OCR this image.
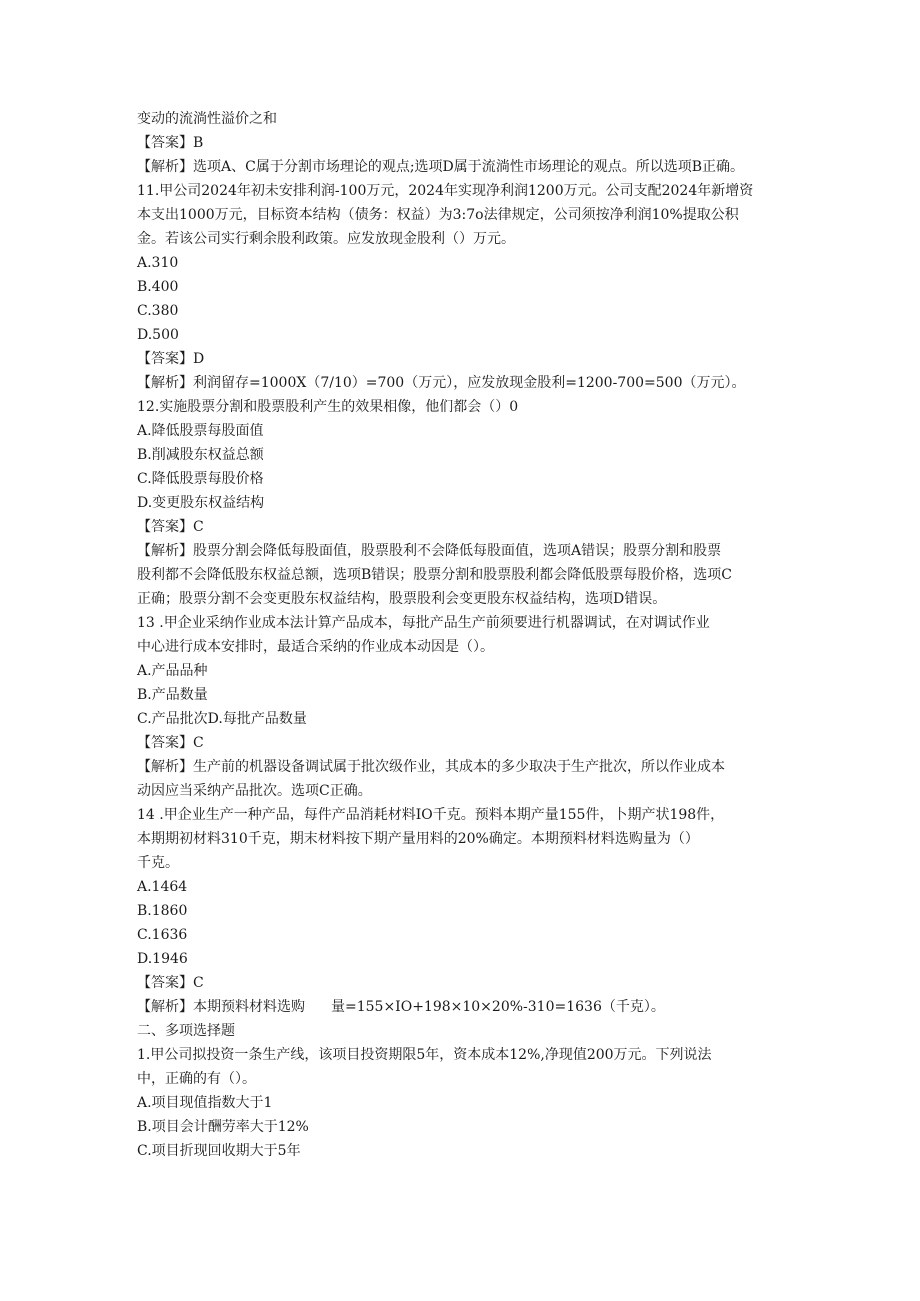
变动的流淌性溢价之和
【答案】B
【解析】选项A、C属于分割市场理论的观点;选项D属于流淌性市场理论的观点。所以选项B正确。
11.甲公司2024年初未安排利润-100万元，2024年实现净利润1200万元。公司支配2024年新增资
本支出1000万元，目标资本结构（债务：权益）为3:7o法律规定，公司须按净利润10%提取公积
金。若该公司实行剩余股利政策。应发放现金股利（）万元。
A.310
B.400
C.380
D.500
【答案】D
【解析】利润留存=1000X（7/10）=700（万元），应发放现金股利=1200-700=500（万元）。
12.实施股票分割和股票股利产生的效果相像，他们都会（）0
A.降低股票每股面值
B.削减股东权益总额
C.降低股票每股价格
D.变更股东权益结构
【答案】C
【解析】股票分割会降低每股面值，股票股利不会降低每股面值，选项A错误；股票分割和股票
股利都不会降低股东权益总额，选项B错误；股票分割和股票股利都会降低股票每股价格，选项C
正确；股票分割不会变更股东权益结构，股票股利会变更股东权益结构，选项D错误。
13 .甲企业采纳作业成本法计算产品成本，每批产品生产前须要进行机器调试，在对调试作业
中心进行成本安排时，最适合采纳的作业成本动因是（）。
A.产品品种
B.产品数量
C.产品批次D.每批产品数量
【答案】C
【解析】生产前的机器设备调试属于批次级作业，其成本的多少取决于生产批次，所以作业成本
动因应当采纳产品批次。选项C正确。
14 .甲企业生产一种产品，每件产品消耗材料IO千克。预料本期产量155件，卜期产状198件，
本期期初材料310千克，期末材料按下期产量用料的20%确定。本期预料材料选购量为（）
千克。
A.1464
B.1860
C.1636
D.1946
【答案】C
【解析】本期预料材料选购 量=155×IO+198×10×20%-310=1636（千克）。
二、多项选择题
1.甲公司拟投资一条生产线，该项目投资期限5年，资本成本12%,净现值200万元。下列说法
中，正确的有（）。
A.项目现值指数大于1
B.项目会计酬劳率大于12%
C.项目折现回收期大于5年
